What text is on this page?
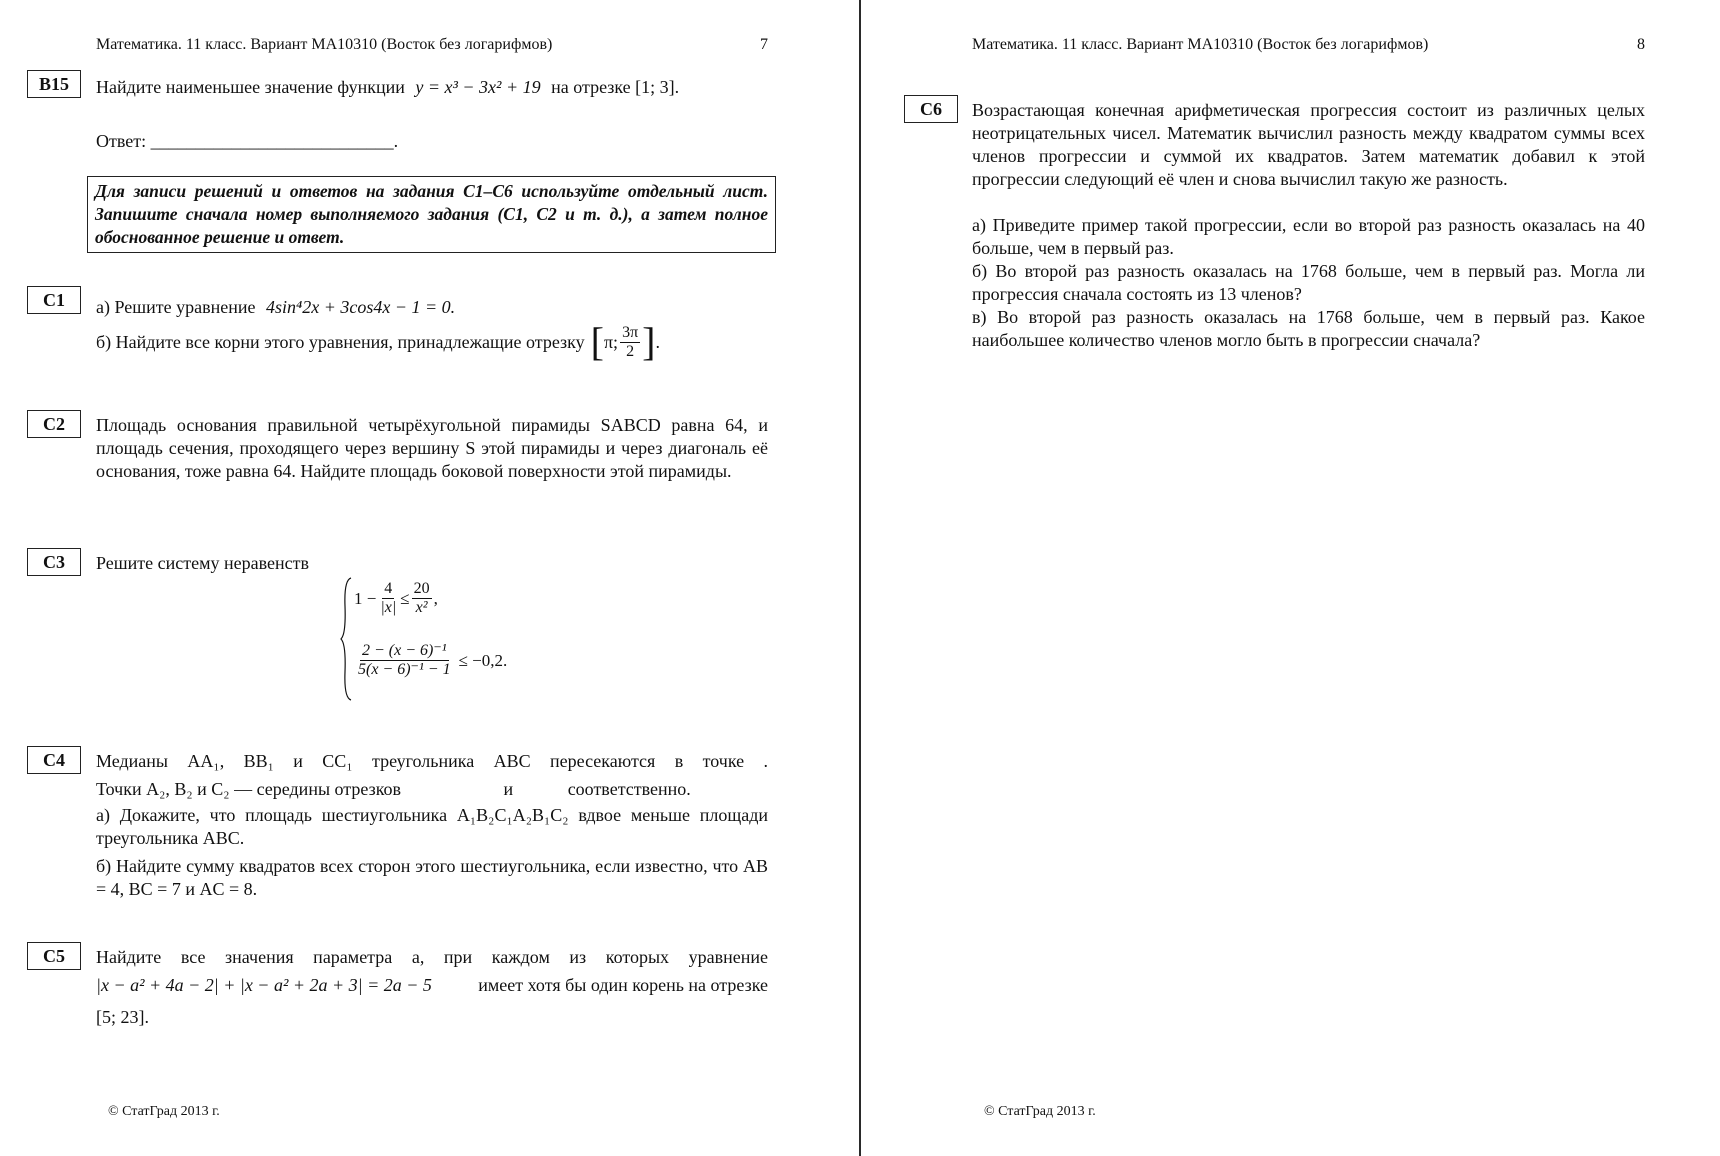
Математика. 11 класс. Вариант МА10310 (Восток без логарифмов)	7
B15	Найдите наименьшее значение функции y = x³ − 3x² + 19 на отрезке [1; 3].
Ответ: ___________________________.
Для записи решений и ответов на задания С1–С6 используйте отдельный лист. Запишите сначала номер выполняемого задания (С1, С2 и т. д.), а затем полное обоснованное решение и ответ.
C1	а) Решите уравнение 4sin⁴2x + 3cos4x − 1 = 0.
б) Найдите все корни этого уравнения, принадлежащие отрезку [ π; $\frac{3\pi}{2}$ ] .
C2	Площадь основания правильной четырёхугольной пирамиды SABCD равна 64, и площадь сечения, проходящего через вершину S этой пирамиды и через диагональ её основания, тоже равна 64. Найдите площадь боковой поверхности этой пирамиды.
C3	Решите систему неравенств
$1 - \frac{4}{|x|} \le \frac{20}{\text{x²}}$ ,
$\frac{\text{2 − (x − 6)⁻¹}}{\text{5(x − 6)⁻¹ − 1}} \le -0,2$.
C4	Медианы AA₁, BB₁ и CC₁ треугольника ABC пересекаются в точке .
Точки A₂, B₂ и C₂ — середины отрезков	и	соответственно.
а) Докажите, что площадь шестиугольника A₁B₂C₁A₂B₁C₂ вдвое меньше площади треугольника ABC.
б) Найдите сумму квадратов всех сторон этого шестиугольника, если известно, что AB = 4, BC = 7 и AC = 8.
C5	Найдите все значения параметра a, при каждом из которых уравнение
|x − a² + 4a − 2| + |x − a² + 2a + 3| = 2a − 5	имеет хотя бы один корень на отрезке
[5; 23].
© СтатГрад 2013 г.
Математика. 11 класс. Вариант МА10310 (Восток без логарифмов)	8
C6	Возрастающая конечная арифметическая прогрессия состоит из различных целых неотрицательных чисел. Математик вычислил разность между квадратом суммы всех членов прогрессии и суммой их квадратов. Затем математик добавил к этой прогрессии следующий её член и снова вычислил такую же разность.
а) Приведите пример такой прогрессии, если во второй раз разность оказалась на 40 больше, чем в первый раз.
б) Во второй раз разность оказалась на 1768 больше, чем в первый раз. Могла ли прогрессия сначала состоять из 13 членов?
в) Во второй раз разность оказалась на 1768 больше, чем в первый раз. Какое наибольшее количество членов могло быть в прогрессии сначала?
© СтатГрад 2013 г.
